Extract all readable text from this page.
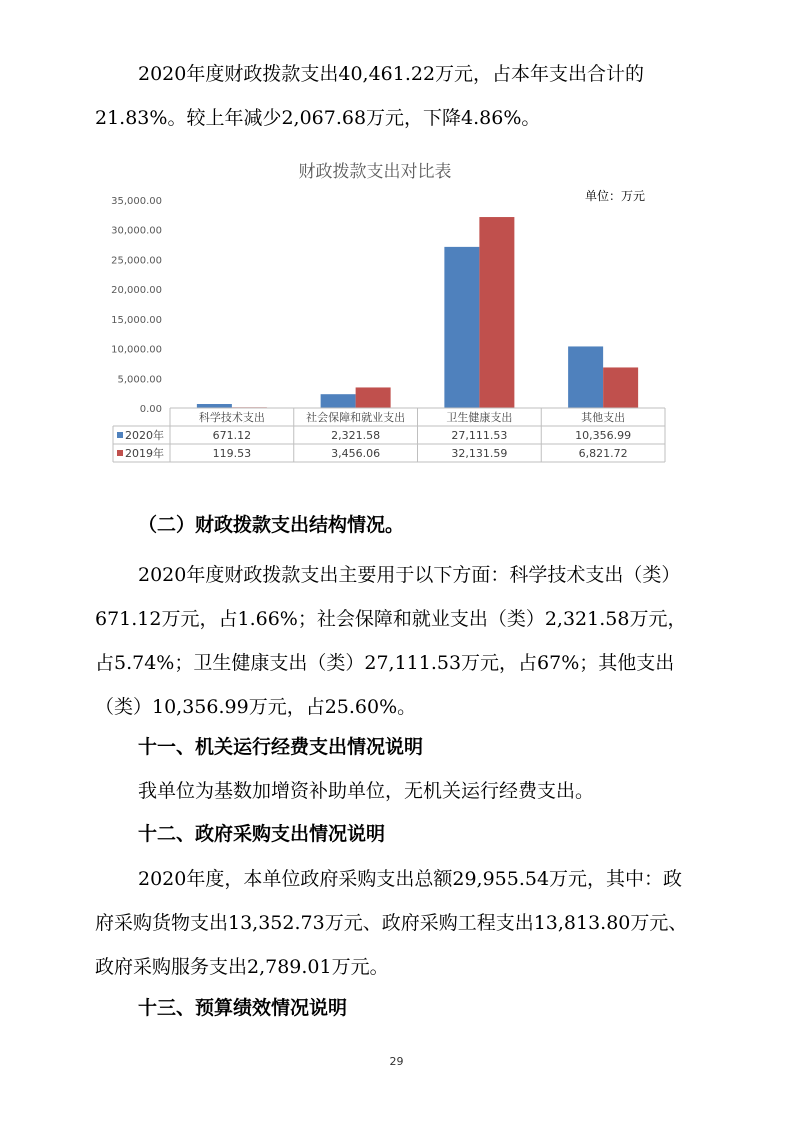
2020年度财政拨款支出40,461.22万元，占本年支出合计的21.83%。较上年减少2,067.68万元，下降4.86%。

财政拨款支出对比表
单位：万元
0.00
5,000.00
10,000.00
15,000.00
20,000.00
25,000.00
30,000.00
35,000.00
科学技术支出	社会保障和就业支出	卫生健康支出	其他支出
2020年	671.12	2,321.58	27,111.53	10,356.99
2019年	119.53	3,456.06	32,131.59	6,821.72

（二）财政拨款支出结构情况。

2020年度财政拨款支出主要用于以下方面：科学技术支出（类）671.12万元，占1.66%；社会保障和就业支出（类）2,321.58万元，占5.74%；卫生健康支出（类）27,111.53万元，占67%；其他支出（类）10,356.99万元，占25.60%。

十一、机关运行经费支出情况说明

我单位为基数加增资补助单位，无机关运行经费支出。

十二、政府采购支出情况说明

2020年度，本单位政府采购支出总额29,955.54万元，其中：政府采购货物支出13,352.73万元、政府采购工程支出13,813.80万元、政府采购服务支出2,789.01万元。

十三、预算绩效情况说明

29
